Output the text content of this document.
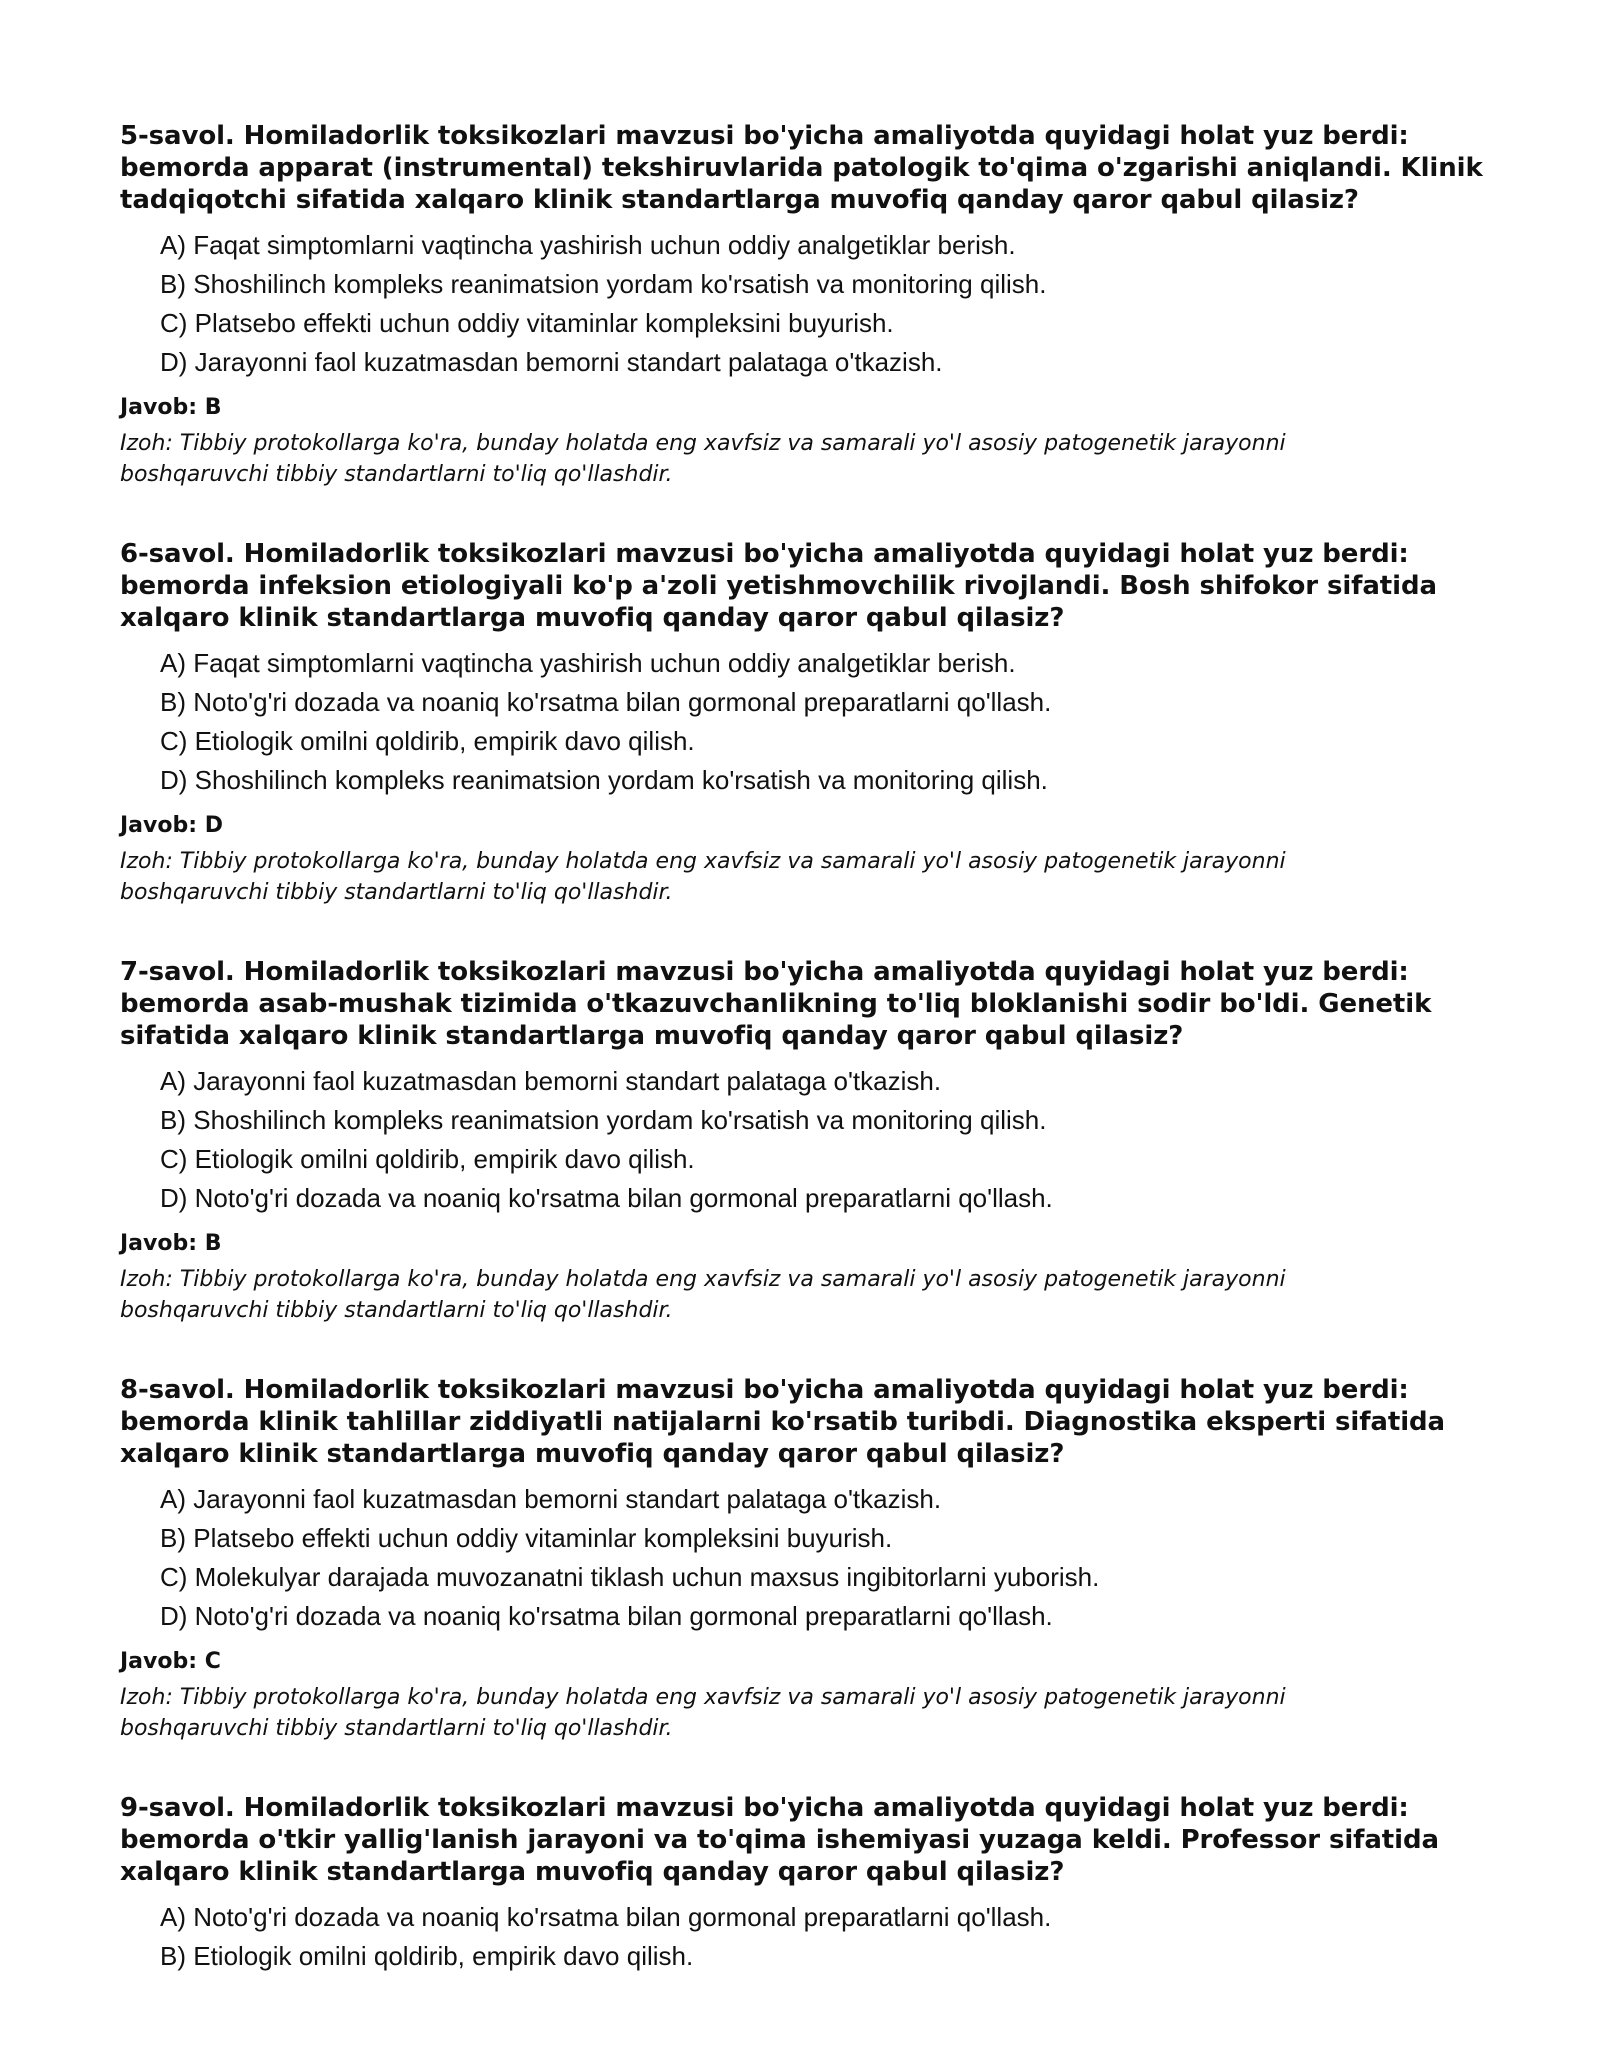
5-savol. Homiladorlik toksikozlari mavzusi bo'yicha amaliyotda quyidagi holat yuz berdi: bemorda apparat (instrumental) tekshiruvlarida patologik to'qima o'zgarishi aniqlandi. Klinik tadqiqotchi sifatida xalqaro klinik standartlarga muvofiq qanday qaror qabul qilasiz?

A) Faqat simptomlarni vaqtincha yashirish uchun oddiy analgetiklar berish.
B) Shoshilinch kompleks reanimatsion yordam ko'rsatish va monitoring qilish.
C) Platsebo effekti uchun oddiy vitaminlar kompleksini buyurish.
D) Jarayonni faol kuzatmasdan bemorni standart palataga o'tkazish.

Javob: B

Izoh: Tibbiy protokollarga ko'ra, bunday holatda eng xavfsiz va samarali yo'l asosiy patogenetik jarayonni boshqaruvchi tibbiy standartlarni to'liq qo'llashdir.

6-savol. Homiladorlik toksikozlari mavzusi bo'yicha amaliyotda quyidagi holat yuz berdi: bemorda infeksion etiologiyali ko'p a'zoli yetishmovchilik rivojlandi. Bosh shifokor sifatida xalqaro klinik standartlarga muvofiq qanday qaror qabul qilasiz?

A) Faqat simptomlarni vaqtincha yashirish uchun oddiy analgetiklar berish.
B) Noto'g'ri dozada va noaniq ko'rsatma bilan gormonal preparatlarni qo'llash.
C) Etiologik omilni qoldirib, empirik davo qilish.
D) Shoshilinch kompleks reanimatsion yordam ko'rsatish va monitoring qilish.

Javob: D

Izoh: Tibbiy protokollarga ko'ra, bunday holatda eng xavfsiz va samarali yo'l asosiy patogenetik jarayonni boshqaruvchi tibbiy standartlarni to'liq qo'llashdir.

7-savol. Homiladorlik toksikozlari mavzusi bo'yicha amaliyotda quyidagi holat yuz berdi: bemorda asab-mushak tizimida o'tkazuvchanlikning to'liq bloklanishi sodir bo'ldi. Genetik sifatida xalqaro klinik standartlarga muvofiq qanday qaror qabul qilasiz?

A) Jarayonni faol kuzatmasdan bemorni standart palataga o'tkazish.
B) Shoshilinch kompleks reanimatsion yordam ko'rsatish va monitoring qilish.
C) Etiologik omilni qoldirib, empirik davo qilish.
D) Noto'g'ri dozada va noaniq ko'rsatma bilan gormonal preparatlarni qo'llash.

Javob: B

Izoh: Tibbiy protokollarga ko'ra, bunday holatda eng xavfsiz va samarali yo'l asosiy patogenetik jarayonni boshqaruvchi tibbiy standartlarni to'liq qo'llashdir.

8-savol. Homiladorlik toksikozlari mavzusi bo'yicha amaliyotda quyidagi holat yuz berdi: bemorda klinik tahlillar ziddiyatli natijalarni ko'rsatib turibdi. Diagnostika eksperti sifatida xalqaro klinik standartlarga muvofiq qanday qaror qabul qilasiz?

A) Jarayonni faol kuzatmasdan bemorni standart palataga o'tkazish.
B) Platsebo effekti uchun oddiy vitaminlar kompleksini buyurish.
C) Molekulyar darajada muvozanatni tiklash uchun maxsus ingibitorlarni yuborish.
D) Noto'g'ri dozada va noaniq ko'rsatma bilan gormonal preparatlarni qo'llash.

Javob: C

Izoh: Tibbiy protokollarga ko'ra, bunday holatda eng xavfsiz va samarali yo'l asosiy patogenetik jarayonni boshqaruvchi tibbiy standartlarni to'liq qo'llashdir.

9-savol. Homiladorlik toksikozlari mavzusi bo'yicha amaliyotda quyidagi holat yuz berdi: bemorda o'tkir yallig'lanish jarayoni va to'qima ishemiyasi yuzaga keldi. Professor sifatida xalqaro klinik standartlarga muvofiq qanday qaror qabul qilasiz?

A) Noto'g'ri dozada va noaniq ko'rsatma bilan gormonal preparatlarni qo'llash.
B) Etiologik omilni qoldirib, empirik davo qilish.
